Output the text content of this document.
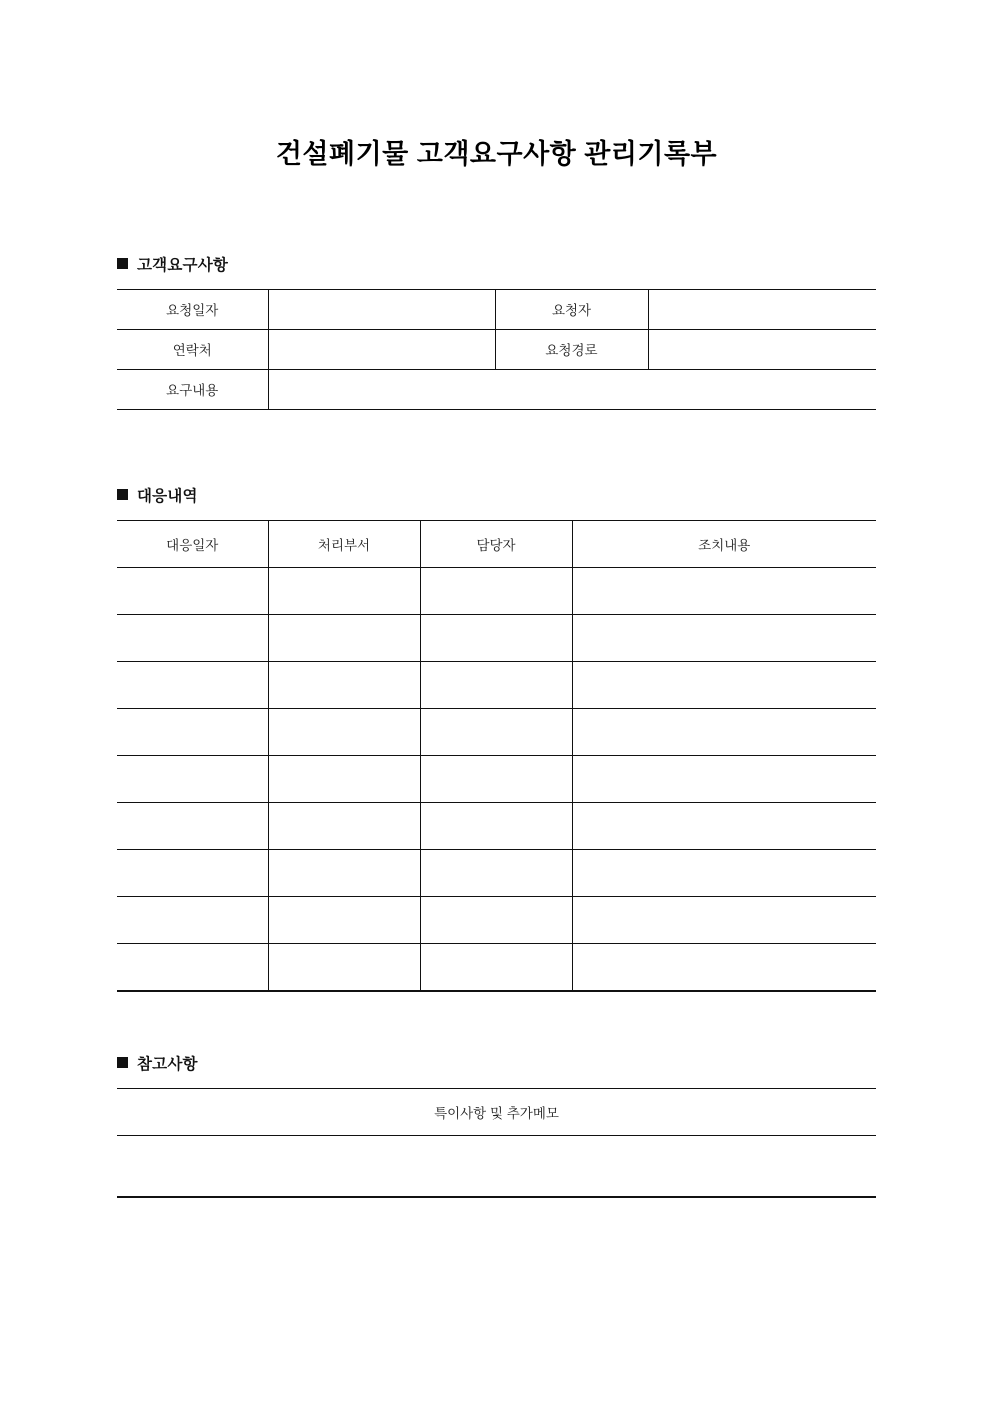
건설폐기물 고객요구사항 관리기록부
고객요구사항
요청일자		요청자	
연락처		요청경로	
요구내용			
대응내역
대응일자	처리부서	담당자	조치내용

참고사항
특이사항 및 추가메모
